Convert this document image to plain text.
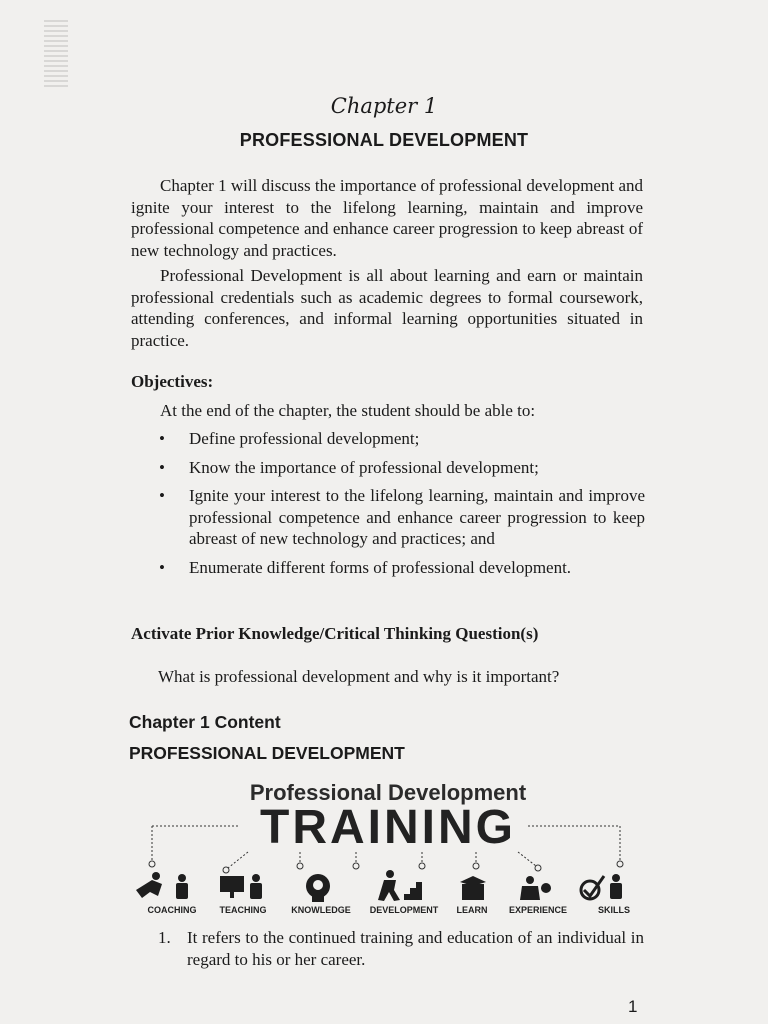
Chapter 1
PROFESSIONAL DEVELOPMENT

Chapter 1 will discuss the importance of professional development and ignite your interest to the lifelong learning, maintain and improve professional competence and enhance career progression to keep abreast of new technology and practices.

Professional Development is all about learning and earn or maintain professional credentials such as academic degrees to formal coursework, attending conferences, and informal learning opportunities situated in practice.

Objectives:
At the end of the chapter, the student should be able to:
• Define professional development;
• Know the importance of professional development;
• Ignite your interest to the lifelong learning, maintain and improve professional competence and enhance career progression to keep abreast of new technology and practices; and
• Enumerate different forms of professional development.
Activate Prior Knowledge/Critical Thinking Question(s)
What is professional development and why is it important?
Chapter 1 Content
PROFESSIONAL DEVELOPMENT
Professional Development
TRAINING
COACHING	TEACHING	KNOWLEDGE DEVELOPMENT LEARN EXPERIENCE	SKILLS
1. It refers to the continued training and education of an individual in regard to his or her career.
1
